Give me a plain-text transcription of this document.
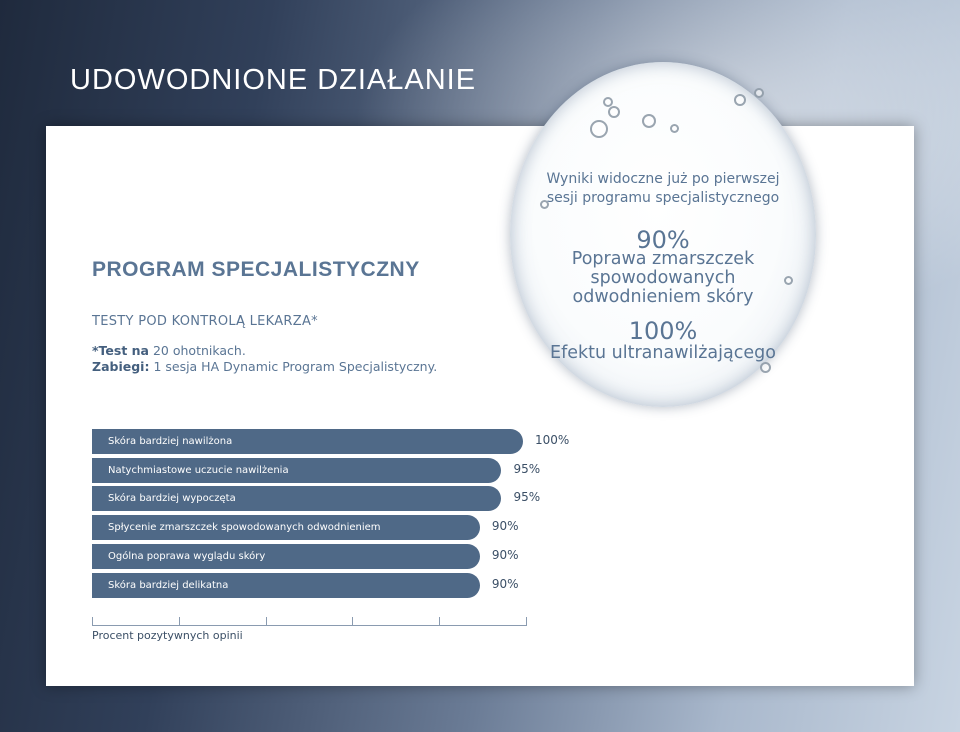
UDOWODNIONE DZIAŁANIE
PROGRAM SPECJALISTYCZNY
TESTY POD KONTROLĄ LEKARZA*
*Test na 20 ohotnikach.
Zabiegi: 1 sesja HA Dynamic Program Specjalistyczny.
Wyniki widoczne już po pierwszej
sesji programu specjalistycznego
90%
Poprawa zmarszczek
spowodowanych
odwodnieniem skóry
100%
Efektu ultranawilżającego
Skóra bardziej nawilżona	100%
Natychmiastowe uczucie nawilżenia	95%
Skóra bardziej wypoczęta	95%
Spłycenie zmarszczek spowodowanych odwodnieniem	90%
Ogólna poprawa wyglądu skóry	90%
Skóra bardziej delikatna	90%
Procent pozytywnych opinii
